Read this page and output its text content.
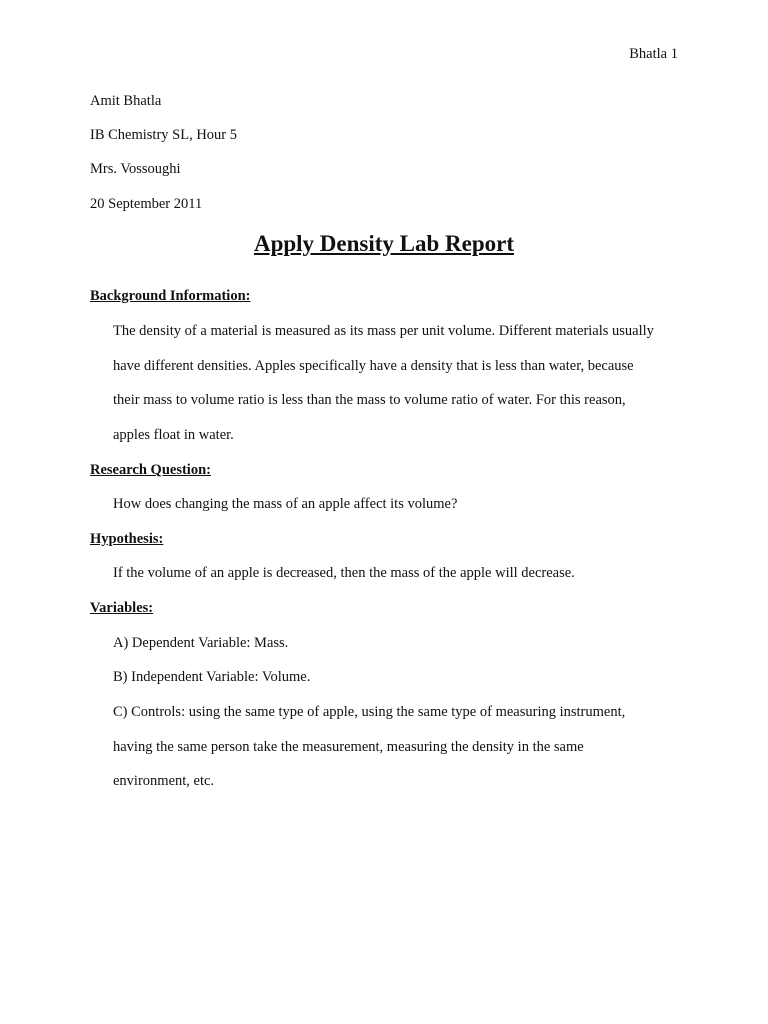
Bhatla 1
Amit Bhatla
IB Chemistry SL, Hour 5
Mrs. Vossoughi
20 September 2011
Apply Density Lab Report
Background Information:
The density of a material is measured as its mass per unit volume. Different materials usually
have different densities. Apples specifically have a density that is less than water, because
their mass to volume ratio is less than the mass to volume ratio of water. For this reason,
apples float in water.
Research Question:
How does changing the mass of an apple affect its volume?
Hypothesis:
If the volume of an apple is decreased, then the mass of the apple will decrease.
Variables:
A) Dependent Variable: Mass.
B) Independent Variable: Volume.
C) Controls: using the same type of apple, using the same type of measuring instrument,
having the same person take the measurement, measuring the density in the same
environment, etc.
